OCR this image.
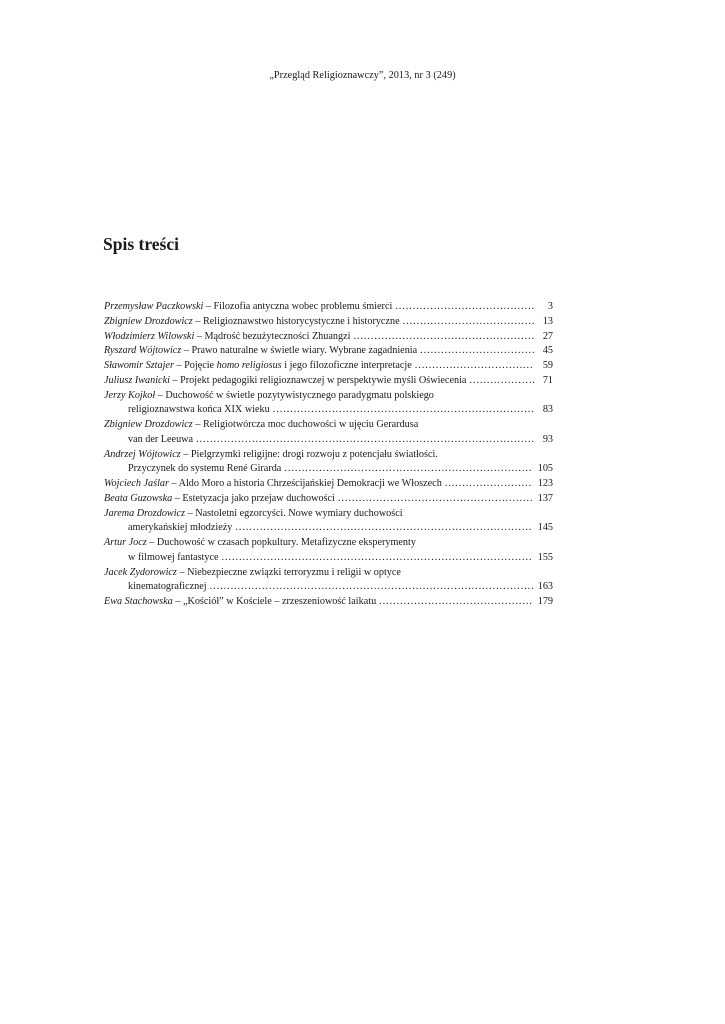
„Przegląd Religioznawczy”, 2013, nr 3 (249)
Spis treści
Przemysław Paczkowski – Filozofia antyczna wobec problemu śmierci . . .	3
Zbigniew Drozdowicz – Religioznawstwo historycystyczne i historyczne . . .	13
Włodzimierz Wilowski – Mądrość bezużyteczności Zhuangzi . . .	27
Ryszard Wójtowicz – Prawo naturalne w świetle wiary. Wybrane zagadnienia . . .	45
Sławomir Sztajer – Pojęcie homo religiosus i jego filozoficzne interpretacje . . .	59
Juliusz Iwanicki – Projekt pedagogiki religioznawczej w perspektywie myśli Oświecenia . . .	71
Jerzy Kojkoł – Duchowość w świetle pozytywistycznego paradygmatu polskiego
religioznawstwa końca XIX wieku . . .	83
Zbigniew Drozdowicz – Religiotwórcza moc duchowości w ujęciu Gerardusa
van der Leeuwa . . .	93
Andrzej Wójtowicz – Pielgrzymki religijne: drogi rozwoju z potencjału światłości.
Przyczynek do systemu René Girarda . . .	105
Wojciech Jaślar – Aldo Moro a historia Chrześcijańskiej Demokracji we Włoszech . . .	123
Beata Guzowska – Estetyzacja jako przejaw duchowości . . .	137
Jarema Drozdowicz – Nastoletni egzorcyści. Nowe wymiary duchowości
amerykańskiej młodzieży . . .	145
Artur Jocz – Duchowość w czasach popkultury. Metafizyczne eksperymenty
w filmowej fantastyce . . .	155
Jacek Zydorowicz – Niebezpieczne związki terroryzmu i religii w optyce
kinematograficznej . . .	163
Ewa Stachowska – „Kościół” w Kościele – zrzeszeniowość laikatu . . .	179
